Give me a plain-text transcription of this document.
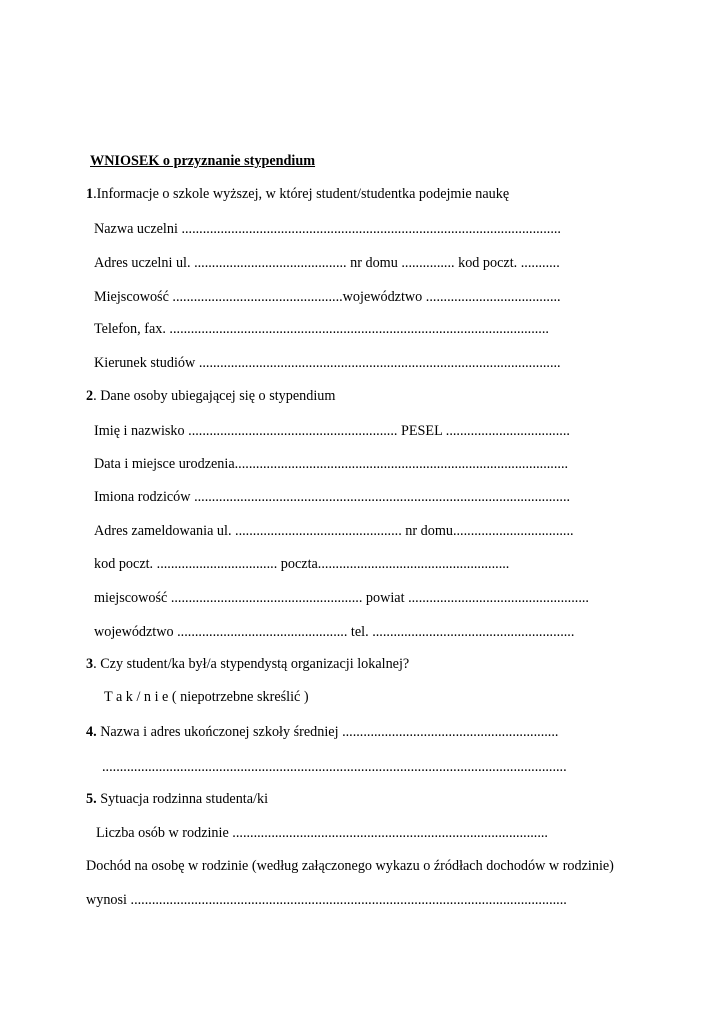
WNIOSEK o przyznanie stypendium
1.Informacje o szkole wyższej, w której student/studentka podejmie naukę
Nazwa uczelni ...........................................................................................................
Adres uczelni ul. ........................................... nr domu ............... kod poczt. ...........
Miejscowość ................................................województwo ......................................
Telefon, fax. ...........................................................................................................
Kierunek studiów ......................................................................................................
2. Dane osoby ubiegającej się o stypendium
Imię i nazwisko ........................................................... PESEL ...................................
Data i miejsce urodzenia..............................................................................................
Imiona rodziców ..........................................................................................................
Adres zameldowania ul. ............................................... nr domu..................................
kod poczt. .................................. poczta......................................................
miejscowość ...................................................... powiat ...................................................
województwo ................................................ tel. .........................................................
3. Czy student/ka był/a stypendystą organizacji lokalnej?
T a k / n i e ( niepotrzebne skreślić )
4. Nazwa i adres ukończonej szkoły średniej .............................................................
...................................................................................................................................
5. Sytuacja rodzinna studenta/ki
Liczba osób w rodzinie .........................................................................................
Dochód na osobę w rodzinie (według załączonego wykazu o źródłach dochodów w rodzinie)
wynosi ...........................................................................................................................
